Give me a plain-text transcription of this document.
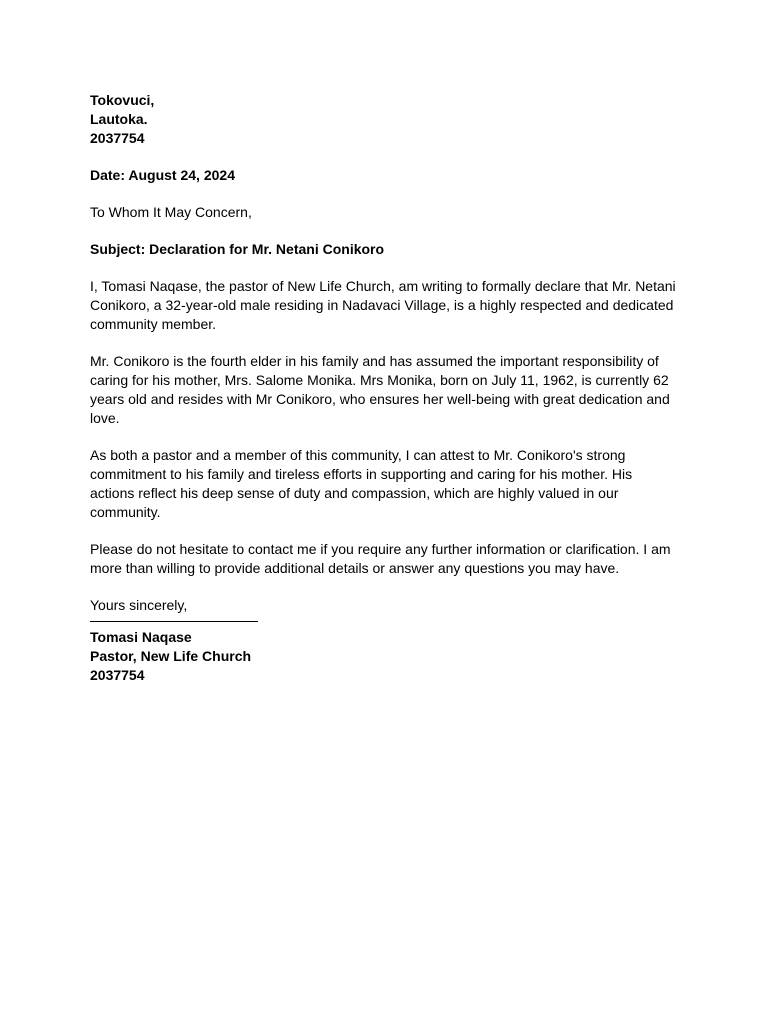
Tokovuci,
Lautoka.
2037754
Date: August 24, 2024
To Whom It May Concern,
Subject: Declaration for Mr. Netani Conikoro

I, Tomasi Naqase, the pastor of New Life Church, am writing to formally declare that Mr. Netani Conikoro, a 32-year-old male residing in Nadavaci Village, is a highly respected and dedicated community member.

Mr. Conikoro is the fourth elder in his family and has assumed the important responsibility of caring for his mother, Mrs. Salome Monika. Mrs Monika, born on July 11, 1962, is currently 62 years old and resides with Mr Conikoro, who ensures her well-being with great dedication and love.

As both a pastor and a member of this community, I can attest to Mr. Conikoro's strong commitment to his family and tireless efforts in supporting and caring for his mother. His actions reflect his deep sense of duty and compassion, which are highly valued in our community.

Please do not hesitate to contact me if you require any further information or clarification. I am more than willing to provide additional details or answer any questions you may have.

Yours sincerely,
Tomasi Naqase
Pastor, New Life Church
2037754
